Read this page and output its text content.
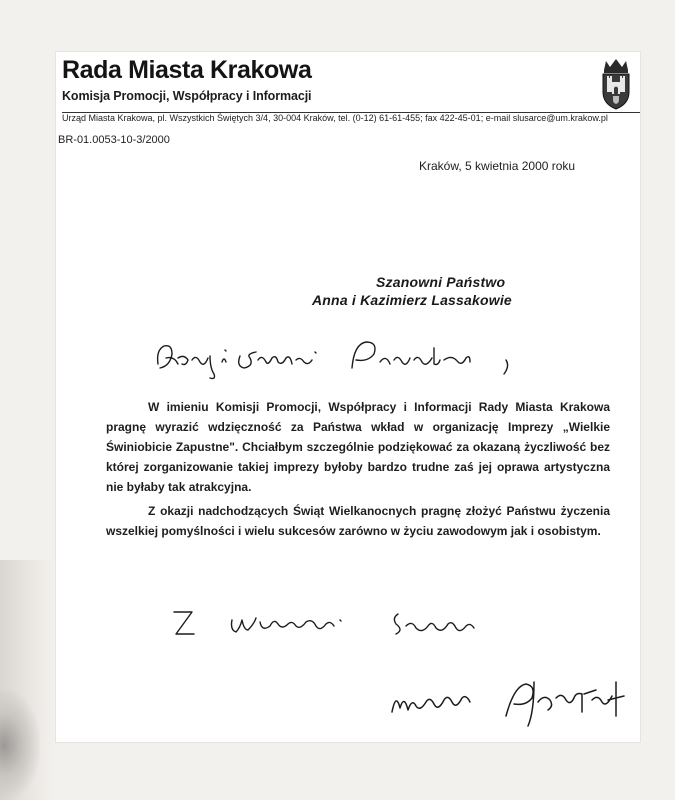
Rada Miasta Krakowa
Komisja Promocji, Współpracy i Informacji
Urząd Miasta Krakowa, pl. Wszystkich Świętych 3/4, 30-004 Kraków, tel. (0-12) 61-61-455; fax 422-45-01; e-mail slusarce@um.krakow.pl
BR-01.0053-10-3/2000
Kraków, 5 kwietnia 2000 roku
Szanowni Państwo
Anna i Kazimierz Lassakowie

W imieniu Komisji Promocji, Współpracy i Informacji Rady Miasta Krakowa pragnę wyrazić wdzięczność za Państwa wkład w organizację Imprezy „Wielkie Świniobicie Zapustne". Chciałbym szczególnie podziękować za okazaną życzliwość bez której zorganizowanie takiej imprezy byłoby bardzo trudne zaś jej oprawa artystyczna nie byłaby tak atrakcyjna.

Z okazji nadchodzących Świąt Wielkanocnych pragnę złożyć Państwu życzenia wszelkiej pomyślności i wielu sukcesów zarówno w życiu zawodowym jak i osobistym.
